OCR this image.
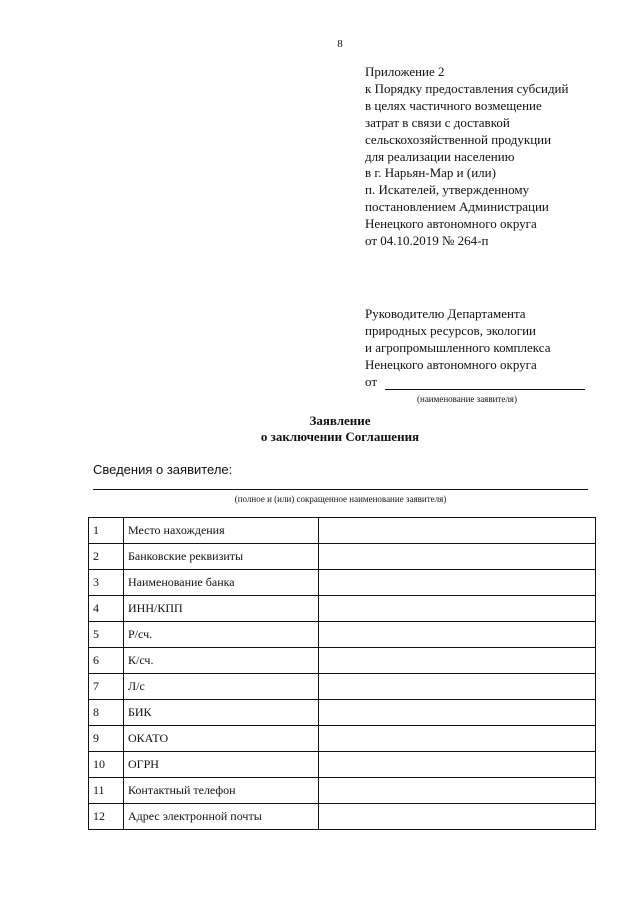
8
Приложение 2
к Порядку предоставления субсидий
в целях частичного возмещение
затрат в связи с доставкой
сельскохозяйственной продукции
для реализации населению
в г. Нарьян-Мар и (или)
п. Искателей, утвержденному
постановлением Администрации
Ненецкого автономного округа
от 04.10.2019 № 264-п
Руководителю Департамента
природных ресурсов, экологии
и агропромышленного комплекса
Ненецкого автономного округа
от
(наименование заявителя)
Заявление
о заключении Соглашения
Сведения о заявителе:
(полное и (или) сокращенное наименование заявителя)
1	Место нахождения	
2	Банковские реквизиты	
3	Наименование банка	
4	ИНН/КПП	
5	Р/сч.	
6	К/сч.	
7	Л/с	
8	БИК	
9	ОКАТО	
10	ОГРН	
11	Контактный телефон	
12	Адрес электронной почты	
